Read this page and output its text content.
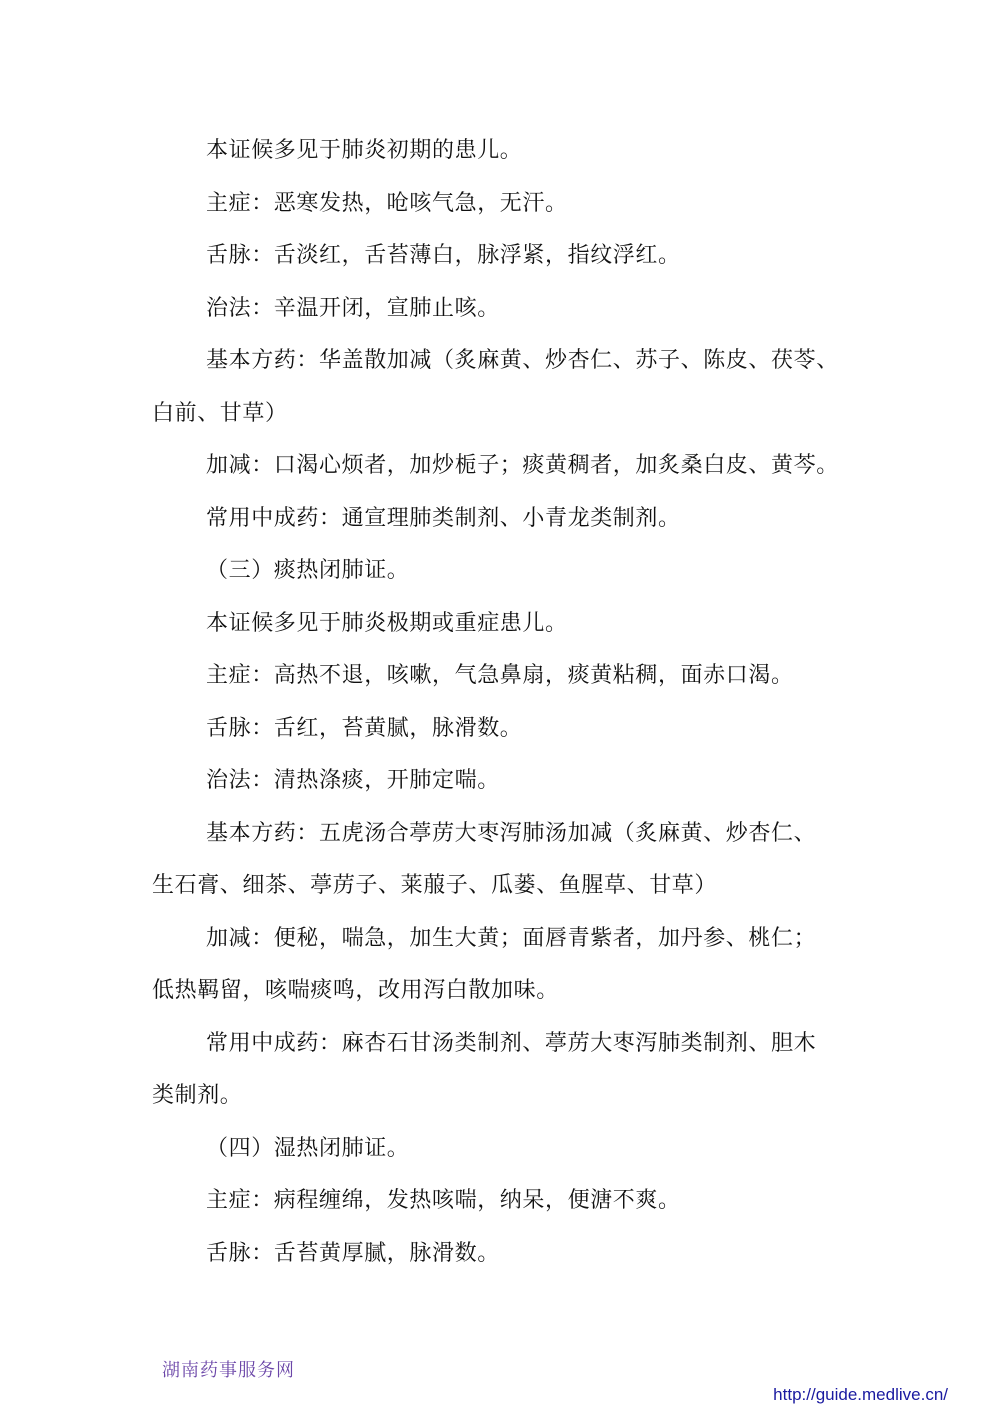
本证候多见于肺炎初期的患儿。

主症：恶寒发热，呛咳气急，无汗。

舌脉：舌淡红，舌苔薄白，脉浮紧，指纹浮红。

治法：辛温开闭，宣肺止咳。

基本方药：华盖散加减（炙麻黄、炒杏仁、苏子、陈皮、茯苓、

白前、甘草）

加减：口渴心烦者，加炒栀子；痰黄稠者，加炙桑白皮、黄芩。

常用中成药：通宣理肺类制剂、小青龙类制剂。

（三）痰热闭肺证。

本证候多见于肺炎极期或重症患儿。

主症：高热不退，咳嗽，气急鼻扇，痰黄粘稠，面赤口渴。

舌脉：舌红，苔黄腻，脉滑数。

治法：清热涤痰，开肺定喘。

基本方药：五虎汤合葶苈大枣泻肺汤加减（炙麻黄、炒杏仁、

生石膏、细茶、葶苈子、莱菔子、瓜蒌、鱼腥草、甘草）

加减：便秘，喘急，加生大黄；面唇青紫者，加丹参、桃仁；

低热羁留，咳喘痰鸣，改用泻白散加味。

常用中成药：麻杏石甘汤类制剂、葶苈大枣泻肺类制剂、胆木

类制剂。

（四）湿热闭肺证。

主症：病程缠绵，发热咳喘，纳呆，便溏不爽。

舌脉：舌苔黄厚腻，脉滑数。

湖南药事服务网
http://guide.medlive.cn/
